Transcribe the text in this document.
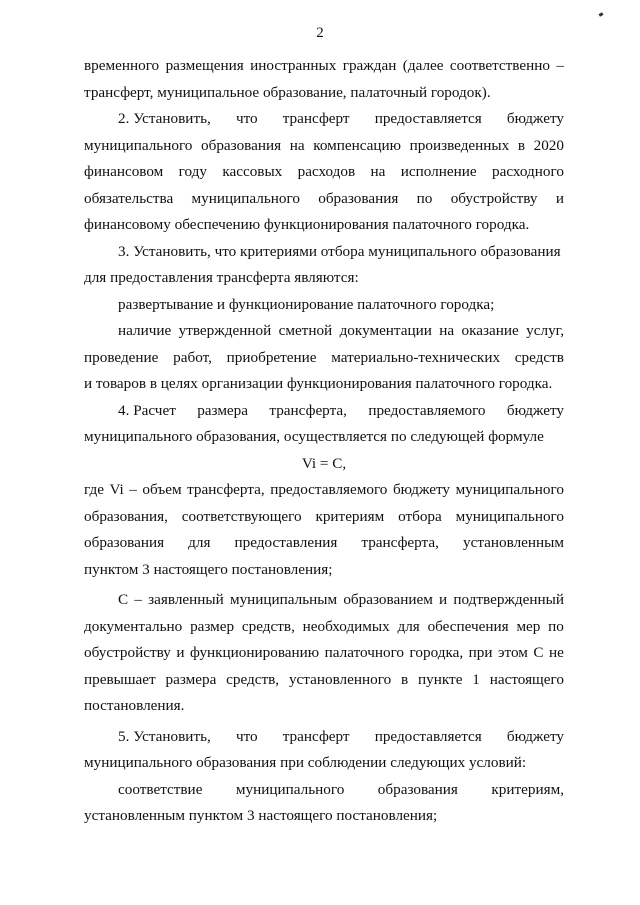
2
временного размещения иностранных граждан (далее соответственно –
трансферт, муниципальное образование, палаточный городок).
2. Установить, что трансферт предоставляется бюджету
муниципального образования на компенсацию произведенных в 2020
финансовом году кассовых расходов на исполнение расходного
обязательства муниципального образования по обустройству и
финансовому обеспечению функционирования палаточного городка.
3. Установить, что критериями отбора муниципального образования
для предоставления трансферта являются:
развертывание и функционирование палаточного городка;
наличие утвержденной сметной документации на оказание услуг,
проведение работ, приобретение материально-технических средств
и товаров в целях организации функционирования палаточного городка.
4. Расчет размера трансферта, предоставляемого бюджету
муниципального образования, осуществляется по следующей формуле
Vi = C,
где Vi – объем трансферта, предоставляемого бюджету муниципального
образования, соответствующего критериям отбора муниципального
образования для предоставления трансферта, установленным
пунктом 3 настоящего постановления;
С – заявленный муниципальным образованием и подтвержденный
документально размер средств, необходимых для обеспечения мер по
обустройству и функционированию палаточного городка, при этом С не
превышает размера средств, установленного в пункте 1 настоящего
постановления.
5. Установить, что трансферт предоставляется бюджету
муниципального образования при соблюдении следующих условий:
соответствие муниципального образования критериям,
установленным пунктом 3 настоящего постановления;
